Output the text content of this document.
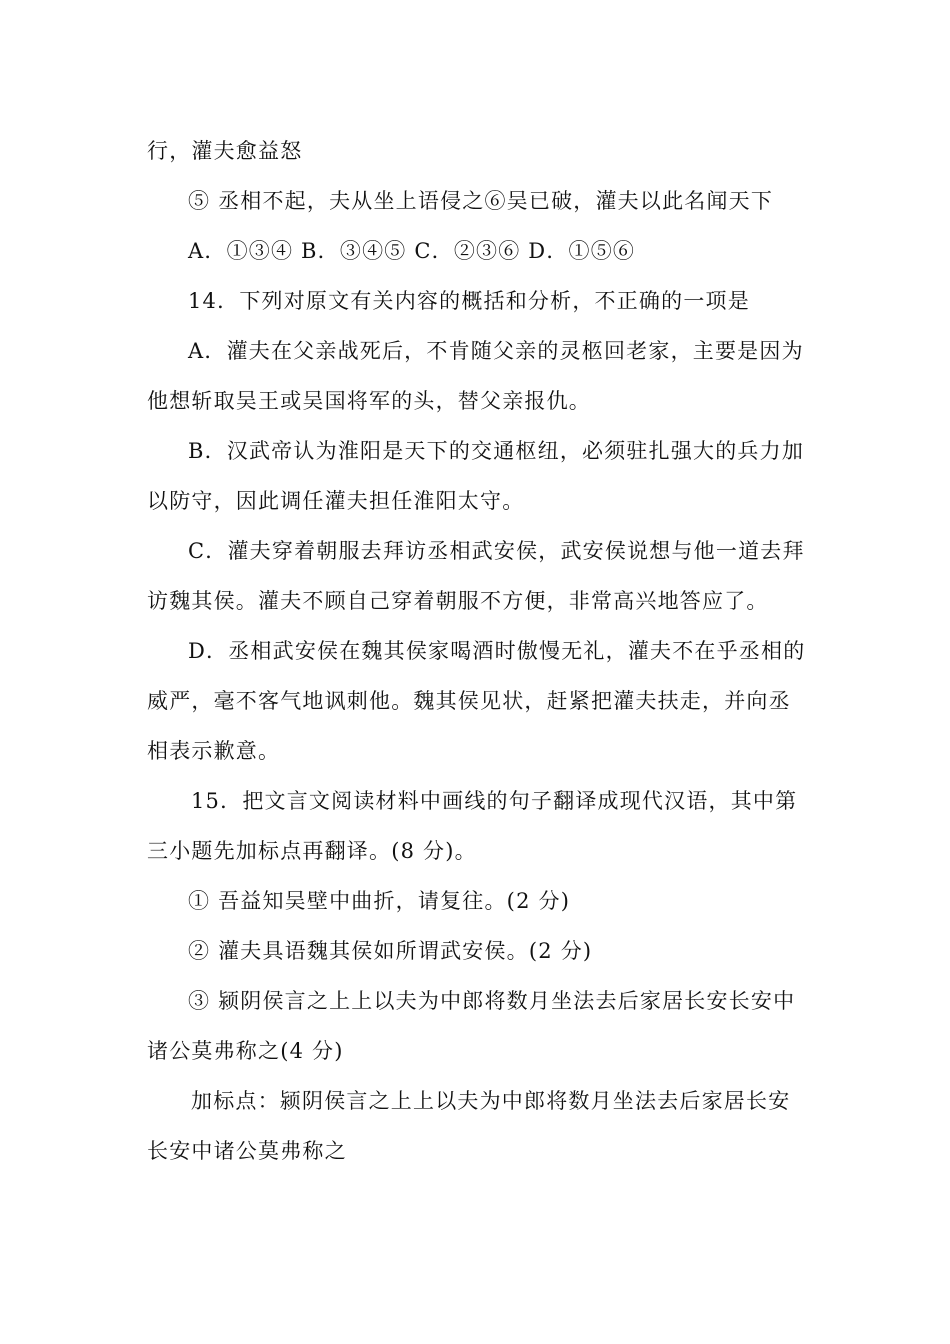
行，灌夫愈益怒
⑤ 丞相不起，夫从坐上语侵之⑥吴已破，灌夫以此名闻天下
A．①③④ B．③④⑤ C．②③⑥ D．①⑤⑥
14．下列对原文有关内容的概括和分析，不正确的一项是
A．灌夫在父亲战死后，不肯随父亲的灵柩回老家，主要是因为
他想斩取吴王或吴国将军的头，替父亲报仇。
B．汉武帝认为淮阳是天下的交通枢纽，必须驻扎强大的兵力加
以防守，因此调任灌夫担任淮阳太守。
C．灌夫穿着朝服去拜访丞相武安侯，武安侯说想与他一道去拜
访魏其侯。灌夫不顾自己穿着朝服不方便，非常高兴地答应了。
D．丞相武安侯在魏其侯家喝酒时傲慢无礼，灌夫不在乎丞相的
威严，毫不客气地讽刺他。魏其侯见状，赶紧把灌夫扶走，并向丞
相表示歉意。
15．把文言文阅读材料中画线的句子翻译成现代汉语，其中第
三小题先加标点再翻译。(8 分)。
① 吾益知吴壁中曲折，请复往。(2 分)
② 灌夫具语魏其侯如所谓武安侯。(2 分)
③ 颍阴侯言之上上以夫为中郎将数月坐法去后家居长安长安中
诸公莫弗称之(4 分)
加标点：颍阴侯言之上上以夫为中郎将数月坐法去后家居长安
长安中诸公莫弗称之
